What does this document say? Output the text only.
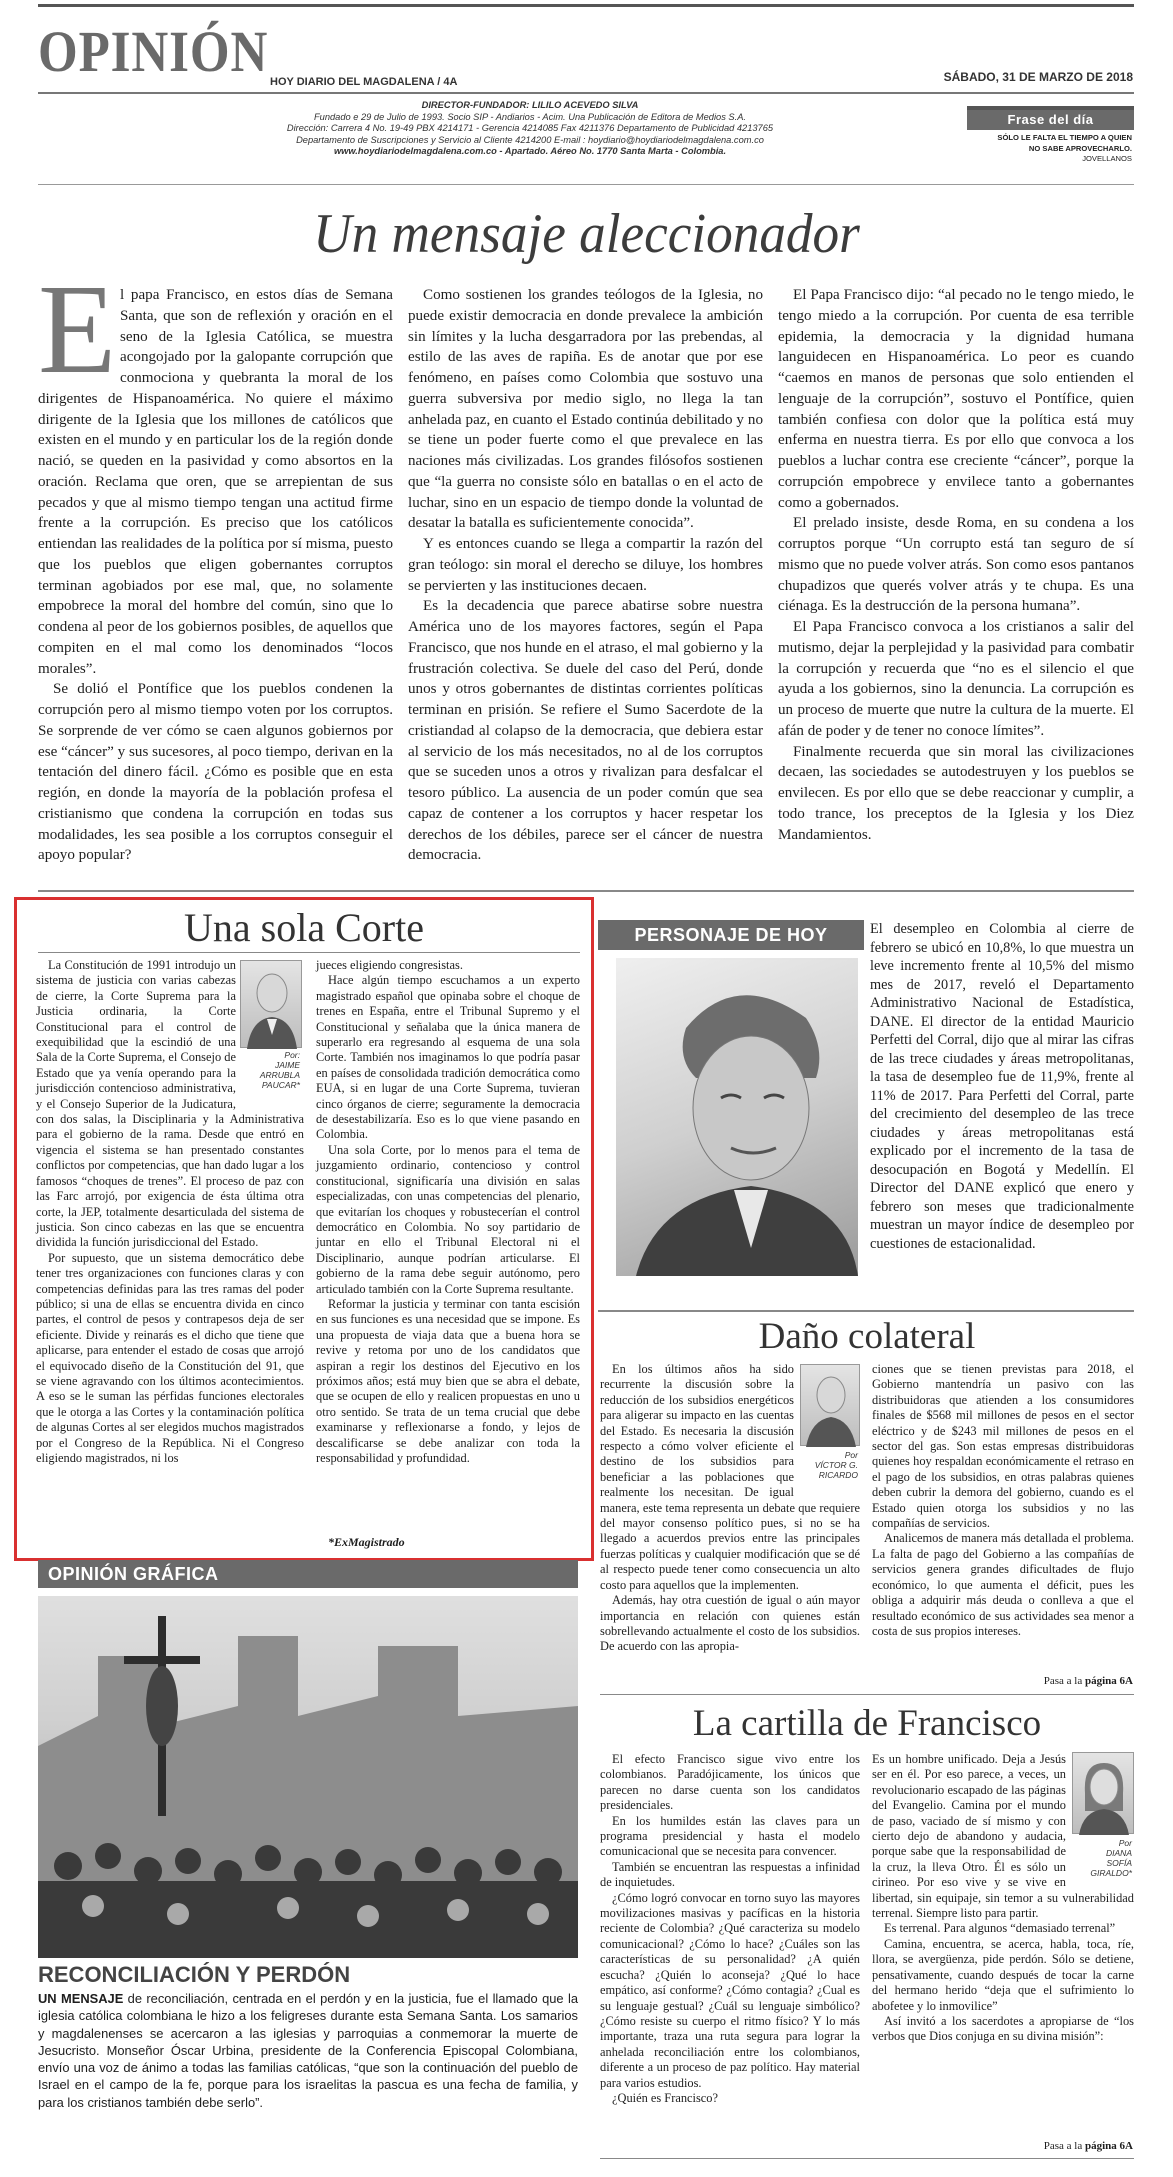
OPINIÓN HOY DIARIO DEL MAGDALENA / 4A	SÁBADO, 31 DE MARZO DE 2018
DIRECTOR-FUNDADOR: LILILO ACEVEDO SILVA
Fundado e 29 de Julio de 1993. Socio SIP - Andiarios - Acim. Una Publicación de Editora de Medios S.A.
Dirección: Carrera 4 No. 19-49 PBX 4214171 - Gerencia 4214085 Fax 4211376 Departamento de Publicidad 4213765
Departamento de Suscripciones y Servicio al Cliente 4214200 E-mail : hoydiario@hoydiariodelmagdalena.com.co
www.hoydiariodelmagdalena.com.co - Apartado. Aéreo No. 1770 Santa Marta - Colombia.
Frase del día
SÓLO LE FALTA EL TIEMPO A QUIEN
NO SABE APROVECHARLO.
JOVELLANOS
Un mensaje aleccionador
E l papa Francisco, en estos días de Semana Santa, que son de reflexión y oración en el seno de la Iglesia Católica, se muestra acongojado por la galopante corrupción que conmociona y quebranta la moral de los dirigentes de Hispanoamérica. No quiere el máximo dirigente de la Iglesia que los millones de católicos que existen en el mundo y en particular los de la región donde nació, se queden en la pasividad y como absortos en la oración. Reclama que oren, que se arrepientan de sus pecados y que al mismo tiempo tengan una actitud firme frente a la corrupción. Es preciso que los católicos entiendan las realidades de la política por sí misma, puesto que los pueblos que eligen gobernantes corruptos terminan agobiados por ese mal, que, no solamente empobrece la moral del hombre del común, sino que lo condena al peor de los gobiernos posibles, de aquellos que compiten en el mal como los denominados “locos morales”.

Se dolió el Pontífice que los pueblos condenen la corrupción pero al mismo tiempo voten por los corruptos. Se sorprende de ver cómo se caen algunos gobiernos por ese “cáncer” y sus sucesores, al poco tiempo, derivan en la tentación del dinero fácil. ¿Cómo es posible que en esta región, en donde la mayoría de la población profesa el cristianismo que condena la corrupción en todas sus modalidades, les sea posible a los corruptos conseguir el apoyo popular?

Como sostienen los grandes teólogos de la Iglesia, no puede existir democracia en donde prevalece la ambición sin límites y la lucha desgarradora por las prebendas, al estilo de las aves de rapiña. Es de anotar que por ese fenómeno, en países como Colombia que sostuvo una guerra subversiva por medio siglo, no llega la tan anhelada paz, en cuanto el Estado continúa debilitado y no se tiene un poder fuerte como el que prevalece en las naciones más civilizadas. Los grandes filósofos sostienen que “la guerra no consiste sólo en batallas o en el acto de luchar, sino en un espacio de tiempo donde la voluntad de desatar la batalla es suficientemente conocida”.

Y es entonces cuando se llega a compartir la razón del gran teólogo: sin moral el derecho se diluye, los hombres se pervierten y las instituciones decaen.

Es la decadencia que parece abatirse sobre nuestra América uno de los mayores factores, según el Papa Francisco, que nos hunde en el atraso, el mal gobierno y la frustración colectiva. Se duele del caso del Perú, donde unos y otros gobernantes de distintas corrientes políticas terminan en prisión. Se refiere el Sumo Sacerdote de la cristiandad al colapso de la democracia, que debiera estar al servicio de los más necesitados, no al de los corruptos que se suceden unos a otros y rivalizan para desfalcar el tesoro público. La ausencia de un poder común que sea capaz de contener a los corruptos y hacer respetar los derechos de los débiles, parece ser el cáncer de nuestra democracia.

El Papa Francisco dijo: “al pecado no le tengo miedo, le tengo miedo a la corrupción. Por cuenta de esa terrible epidemia, la democracia y la dignidad humana languidecen en Hispanoamérica. Lo peor es cuando “caemos en manos de personas que solo entienden el lenguaje de la corrupción”, sostuvo el Pontífice, quien también confiesa con dolor que la política está muy enferma en nuestra tierra. Es por ello que convoca a los pueblos a luchar contra ese creciente “cáncer”, porque la corrupción empobrece y envilece tanto a gobernantes como a gobernados.

El prelado insiste, desde Roma, en su condena a los corruptos porque “Un corrupto está tan seguro de sí mismo que no puede volver atrás. Son como esos pantanos chupadizos que querés volver atrás y te chupa. Es una ciénaga. Es la destrucción de la persona humana”.

El Papa Francisco convoca a los cristianos a salir del mutismo, dejar la perplejidad y la pasividad para combatir la corrupción y recuerda que “no es el silencio el que ayuda a los gobiernos, sino la denuncia. La corrupción es un proceso de muerte que nutre la cultura de la muerte. El afán de poder y de tener no conoce límites”.

Finalmente recuerda que sin moral las civilizaciones decaen, las sociedades se autodestruyen y los pueblos se envilecen. Es por ello que se debe reaccionar y cumplir, a todo trance, los preceptos de la Iglesia y los Diez Mandamientos.

Una sola Corte
Por:
JAIME
ARRUBLA
PAUCAR*

La Constitución de 1991 introdujo un sistema de justicia con varias cabezas de cierre, la Corte Suprema para la Justicia ordinaria, la Corte Constitucional para el control de exequibilidad que la escindió de una Sala de la Corte Suprema, el Consejo de Estado que ya venía operando para la jurisdicción contencioso administrativa, y el Consejo Superior de la Judicatura, con dos salas, la Disciplinaria y la Administrativa para el gobierno de la rama. Desde que entró en vigencia el sistema se han presentado constantes conflictos por competencias, que han dado lugar a los famosos “choques de trenes”. El proceso de paz con las Farc arrojó, por exigencia de ésta última otra corte, la JEP, totalmente desarticulada del sistema de justicia. Son cinco cabezas en las que se encuentra dividida la función jurisdiccional del Estado.

Por supuesto, que un sistema democrático debe tener tres organizaciones con funciones claras y con competencias definidas para las tres ramas del poder público; si una de ellas se encuentra divida en cinco partes, el control de pesos y contrapesos deja de ser eficiente. Divide y reinarás es el dicho que tiene que aplicarse, para entender el estado de cosas que arrojó el equivocado diseño de la Constitución del 91, que se viene agravando con los últimos acontecimientos. A eso se le suman las pérfidas funciones electorales que le otorga a las Cortes y la contaminación política de algunas Cortes al ser elegidos muchos magistrados por el Congreso de la República. Ni el Congreso eligiendo magistrados, ni los

jueces eligiendo congresistas.

Hace algún tiempo escuchamos a un experto magistrado español que opinaba sobre el choque de trenes en España, entre el Tribunal Supremo y el Constitucional y señalaba que la única manera de superarlo era regresando al esquema de una sola Corte. También nos imaginamos lo que podría pasar en países de consolidada tradición democrática como EUA, si en lugar de una Corte Suprema, tuvieran cinco órganos de cierre; seguramente la democracia de desestabilizaría. Eso es lo que viene pasando en Colombia.

Una sola Corte, por lo menos para el tema de juzgamiento ordinario, contencioso y control constitucional, significaría una división en salas especializadas, con unas competencias del plenario, que evitarían los choques y robustecerían el control democrático en Colombia. No soy partidario de juntar en ello el Tribunal Electoral ni el Disciplinario, aunque podrían articularse. El gobierno de la rama debe seguir autónomo, pero articulado también con la Corte Suprema resultante.

Reformar la justicia y terminar con tanta escisión en sus funciones es una necesidad que se impone. Es una propuesta de viaja data que a buena hora se revive y retoma por uno de los candidatos que aspiran a regir los destinos del Ejecutivo en los próximos años; está muy bien que se abra el debate, que se ocupen de ello y realicen propuestas en uno u otro sentido. Se trata de un tema crucial que debe examinarse y reflexionarse a fondo, y lejos de descalificarse se debe analizar con toda la responsabilidad y profundidad.

*ExMagistrado
PERSONAJE DE HOY	El desempleo en Colombia al cierre de febrero se ubicó en 10,8%, lo que muestra un leve incremento frente al 10,5% del mismo mes de 2017, reveló el Departamento Administrativo Nacional de Estadística, DANE. El director de la entidad Mauricio Perfetti del Corral, dijo que al mirar las cifras de las trece ciudades y áreas metropolitanas, la tasa de desempleo fue de 11,9%, frente al 11% de 2017. Para Perfetti del Corral, parte del crecimiento del desempleo de las trece ciudades y áreas metropolitanas está explicado por el incremento de la tasa de desocupación en Bogotá y Medellín. El Director del DANE explicó que enero y febrero son meses que tradicionalmente muestran un mayor índice de desempleo por cuestiones de estacionalidad.
OPINIÓN GRÁFICA
RECONCILIACIÓN Y PERDÓN
UN MENSAJE de reconciliación, centrada en el perdón y en la justicia, fue el llamado que la iglesia católica colombiana le hizo a los feligreses durante esta Semana Santa. Los samarios y magdalenenses se acercaron a las iglesias y parroquias a conmemorar la muerte de Jesucristo. Monseñor Óscar Urbina, presidente de la Conferencia Episcopal Colombiana, envío una voz de ánimo a todas las familias católicas, “que son la continuación del pueblo de Israel en el campo de la fe, porque para los israelitas la pascua es una fecha de familia, y para los cristianos también debe serlo”.
Daño colateral
Por
VÍCTOR G.
RICARDO

En los últimos años ha sido recurrente la discusión sobre la reducción de los subsidios energéticos para aligerar su impacto en las cuentas del Estado. Es necesaria la discusión respecto a cómo volver eficiente el destino de los subsidios para beneficiar a las poblaciones que realmente los necesitan. De igual manera, este tema representa un debate que requiere del mayor consenso político pues, si no se ha llegado a acuerdos previos entre las principales fuerzas políticas y cualquier modificación que se dé al respecto puede tener como consecuencia un alto costo para aquellos que la implementen.

Además, hay otra cuestión de igual o aún mayor importancia en relación con quienes están sobrellevando actualmente el costo de los subsidios. De acuerdo con las apropia-

ciones que se tienen previstas para 2018, el Gobierno mantendría un pasivo con las distribuidoras que atienden a los consumidores finales de $568 mil millones de pesos en el sector eléctrico y de $243 mil millones de pesos en el sector del gas. Son estas empresas distribuidoras quienes hoy respaldan económicamente el retraso en el pago de los subsidios, en otras palabras quienes deben cubrir la demora del gobierno, cuando es el Estado quien otorga los subsidios y no las compañías de servicios.

Analicemos de manera más detallada el problema. La falta de pago del Gobierno a las compañías de servicios genera grandes dificultades de flujo económico, lo que aumenta el déficit, pues les obliga a adquirir más deuda o conlleva a que el resultado económico de sus actividades sea menor a costa de sus propios intereses.

Pasa a la página 6A
La cartilla de Francisco
Por
DIANA
SOFÍA
GIRALDO*

El efecto Francisco sigue vivo entre los colombianos. Paradójicamente, los únicos que parecen no darse cuenta son los candidatos presidenciales.

En los humildes están las claves para un programa presidencial y hasta el modelo comunicacional que se necesita para convencer.

También se encuentran las respuestas a infinidad de inquietudes.

¿Cómo logró convocar en torno suyo las mayores movilizaciones masivas y pacíficas en la historia reciente de Colombia? ¿Qué caracteriza su modelo comunicacional? ¿Cómo lo hace? ¿Cuáles son las características de su personalidad? ¿A quién escucha? ¿Quién lo aconseja? ¿Qué lo hace empático, así conforme? ¿Cómo contagia? ¿Cual es su lenguaje gestual? ¿Cuál su lenguaje simbólico? ¿Cómo resiste su cuerpo el ritmo físico? Y lo más importante, traza una ruta segura para lograr la anhelada reconciliación entre los colombianos, diferente a un proceso de paz político. Hay material para varios estudios.

¿Quién es Francisco?

Es un hombre unificado. Deja a Jesús ser en él. Por eso parece, a veces, un revolucionario escapado de las páginas del Evangelio. Camina por el mundo de paso, vaciado de sí mismo y con cierto dejo de abandono y audacia, porque sabe que la responsabilidad de la cruz, la lleva Otro. Él es sólo un cirineo. Por eso vive y se vive en libertad, sin equipaje, sin temor a su vulnerabilidad terrenal. Siempre listo para partir.

Es terrenal. Para algunos “demasiado terrenal”

Camina, encuentra, se acerca, habla, toca, ríe, llora, se avergüenza, pide perdón. Sólo se detiene, pensativamente, cuando después de tocar la carne del hermano herido “deja que el sufrimiento lo abofetee y lo inmovilice”

Así invitó a los sacerdotes a apropiarse de “los verbos que Dios conjuga en su divina misión”:

Pasa a la página 6A
